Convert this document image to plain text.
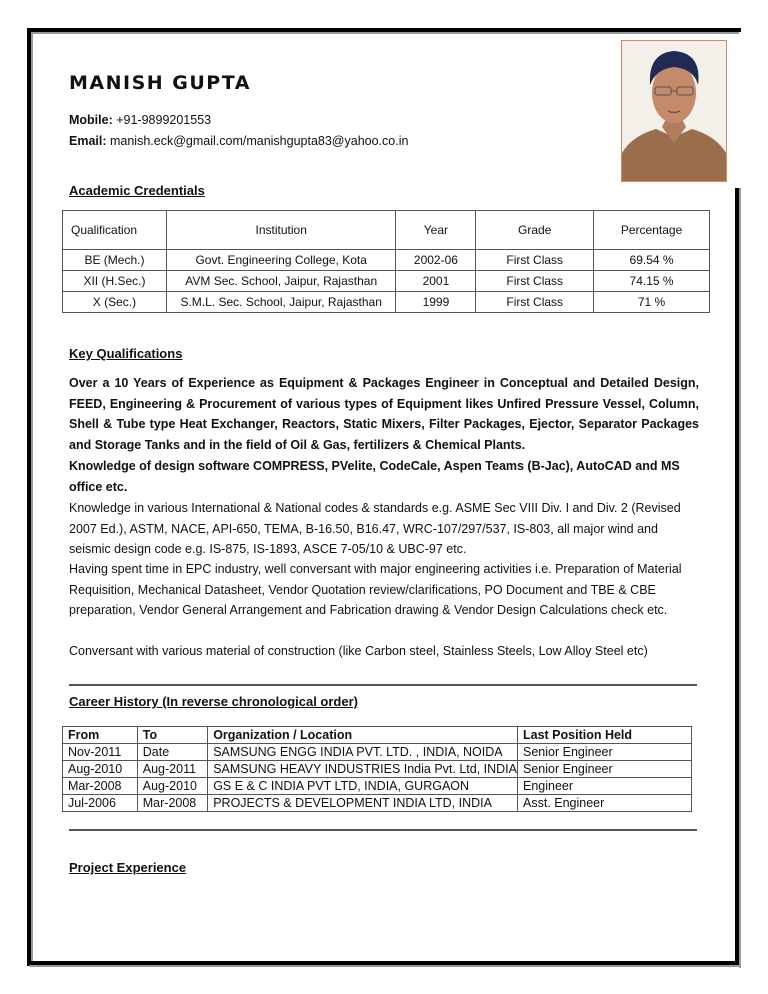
MANISH GUPTA
Mobile: +91-9899201553
Email: manish.eck@gmail.com/manishgupta83@yahoo.co.in
Academic Credentials
Qualification	Institution	Year	Grade	Percentage
BE (Mech.)	Govt. Engineering College, Kota	2002-06	First Class	69.54 %
XII (H.Sec.)	AVM Sec. School, Jaipur, Rajasthan	2001	First Class	74.15 %
X (Sec.)	S.M.L. Sec. School, Jaipur, Rajasthan	1999	First Class	71 %
Key Qualifications
Over a 10 Years of Experience as Equipment & Packages Engineer in Conceptual and Detailed Design, FEED, Engineering & Procurement of various types of Equipment likes Unfired Pressure Vessel, Column, Shell & Tube type Heat Exchanger, Reactors, Static Mixers, Filter Packages, Ejector, Separator Packages and Storage Tanks and in the field of Oil & Gas, fertilizers & Chemical Plants.
Knowledge of design software COMPRESS, PVelite, CodeCale, Aspen Teams (B-Jac), AutoCAD and MS office etc.
Knowledge in various International & National codes & standards e.g. ASME Sec VIII Div. I and Div. 2 (Revised 2007 Ed.), ASTM, NACE, API-650, TEMA, B-16.50, B16.47, WRC-107/297/537, IS-803, all major wind and seismic design code e.g. IS-875, IS-1893, ASCE 7-05/10 & UBC-97 etc.
Having spent time in EPC industry, well conversant with major engineering activities i.e. Preparation of Material Requisition, Mechanical Datasheet, Vendor Quotation review/clarifications, PO Document and TBE & CBE preparation, Vendor General Arrangement and Fabrication drawing & Vendor Design Calculations check etc.
Conversant with various material of construction (like Carbon steel, Stainless Steels, Low Alloy Steel etc)
Career History (In reverse chronological order)
From	To	Organization / Location	Last Position Held
Nov-2011	Date	SAMSUNG ENGG INDIA PVT. LTD. , INDIA, NOIDA	Senior Engineer
Aug-2010	Aug-2011	SAMSUNG HEAVY INDUSTRIES India Pvt. Ltd, INDIA	Senior Engineer
Mar-2008	Aug-2010	GS E & C INDIA PVT LTD, INDIA, GURGAON	Engineer
Jul-2006	Mar-2008	PROJECTS & DEVELOPMENT INDIA LTD, INDIA	Asst. Engineer
Project Experience
